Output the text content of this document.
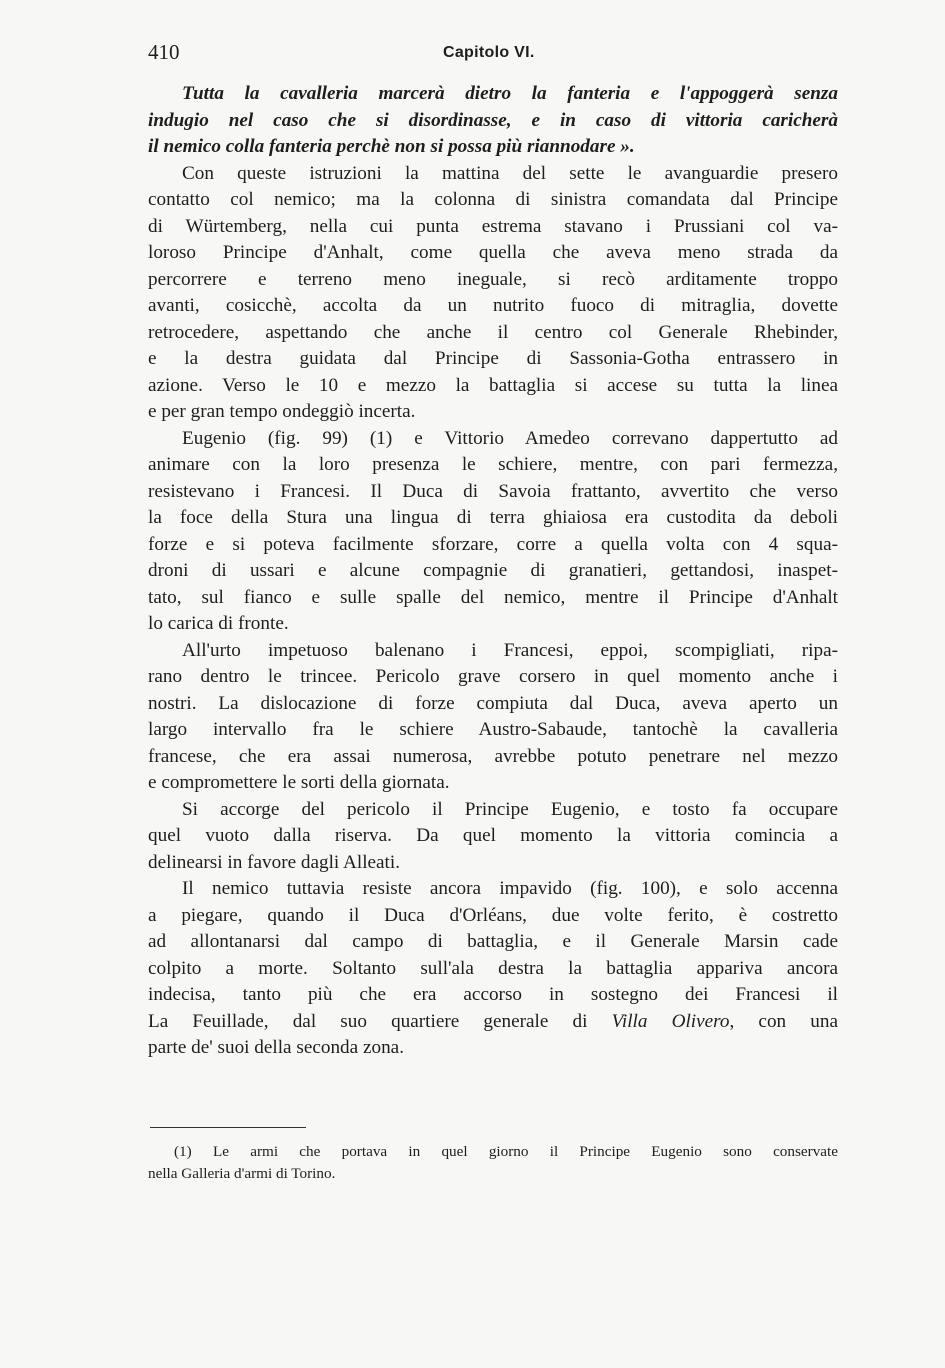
410	Capitolo VI.
Tutta la cavalleria marcerà dietro la fanteria e l'appoggerà senza
indugio nel caso che si disordinasse, e in caso di vittoria caricherà
il nemico colla fanteria perchè non si possa più riannodare ».
Con queste istruzioni la mattina del sette le avanguardie presero
contatto col nemico; ma la colonna di sinistra comandata dal Principe
di Würtemberg, nella cui punta estrema stavano i Prussiani col va-
loroso Principe d'Anhalt, come quella che aveva meno strada da
percorrere e terreno meno ineguale, si recò arditamente troppo
avanti, cosicchè, accolta da un nutrito fuoco di mitraglia, dovette
retrocedere, aspettando che anche il centro col Generale Rhebinder,
e la destra guidata dal Principe di Sassonia-Gotha entrassero in
azione. Verso le 10 e mezzo la battaglia si accese su tutta la linea
e per gran tempo ondeggiò incerta.
Eugenio (fig. 99) (1) e Vittorio Amedeo correvano dappertutto ad
animare con la loro presenza le schiere, mentre, con pari fermezza,
resistevano i Francesi. Il Duca di Savoia frattanto, avvertito che verso
la foce della Stura una lingua di terra ghiaiosa era custodita da deboli
forze e si poteva facilmente sforzare, corre a quella volta con 4 squa-
droni di ussari e alcune compagnie di granatieri, gettandosi, inaspet-
tato, sul fianco e sulle spalle del nemico, mentre il Principe d'Anhalt
lo carica di fronte.
All'urto impetuoso balenano i Francesi, eppoi, scompigliati, ripa-
rano dentro le trincee. Pericolo grave corsero in quel momento anche i
nostri. La dislocazione di forze compiuta dal Duca, aveva aperto un
largo intervallo fra le schiere Austro-Sabaude, tantochè la cavalleria
francese, che era assai numerosa, avrebbe potuto penetrare nel mezzo
e compromettere le sorti della giornata.
Si accorge del pericolo il Principe Eugenio, e tosto fa occupare
quel vuoto dalla riserva. Da quel momento la vittoria comincia a
delinearsi in favore dagli Alleati.
Il nemico tuttavia resiste ancora impavido (fig. 100), e solo accenna
a piegare, quando il Duca d'Orléans, due volte ferito, è costretto
ad allontanarsi dal campo di battaglia, e il Generale Marsin cade
colpito a morte. Soltanto sull'ala destra la battaglia appariva ancora
indecisa, tanto più che era accorso in sostegno dei Francesi il
La Feuillade, dal suo quartiere generale di Villa Olivero, con una
parte de' suoi della seconda zona.
(1) Le armi che portava in quel giorno il Principe Eugenio sono conservate
nella Galleria d'armi di Torino.
